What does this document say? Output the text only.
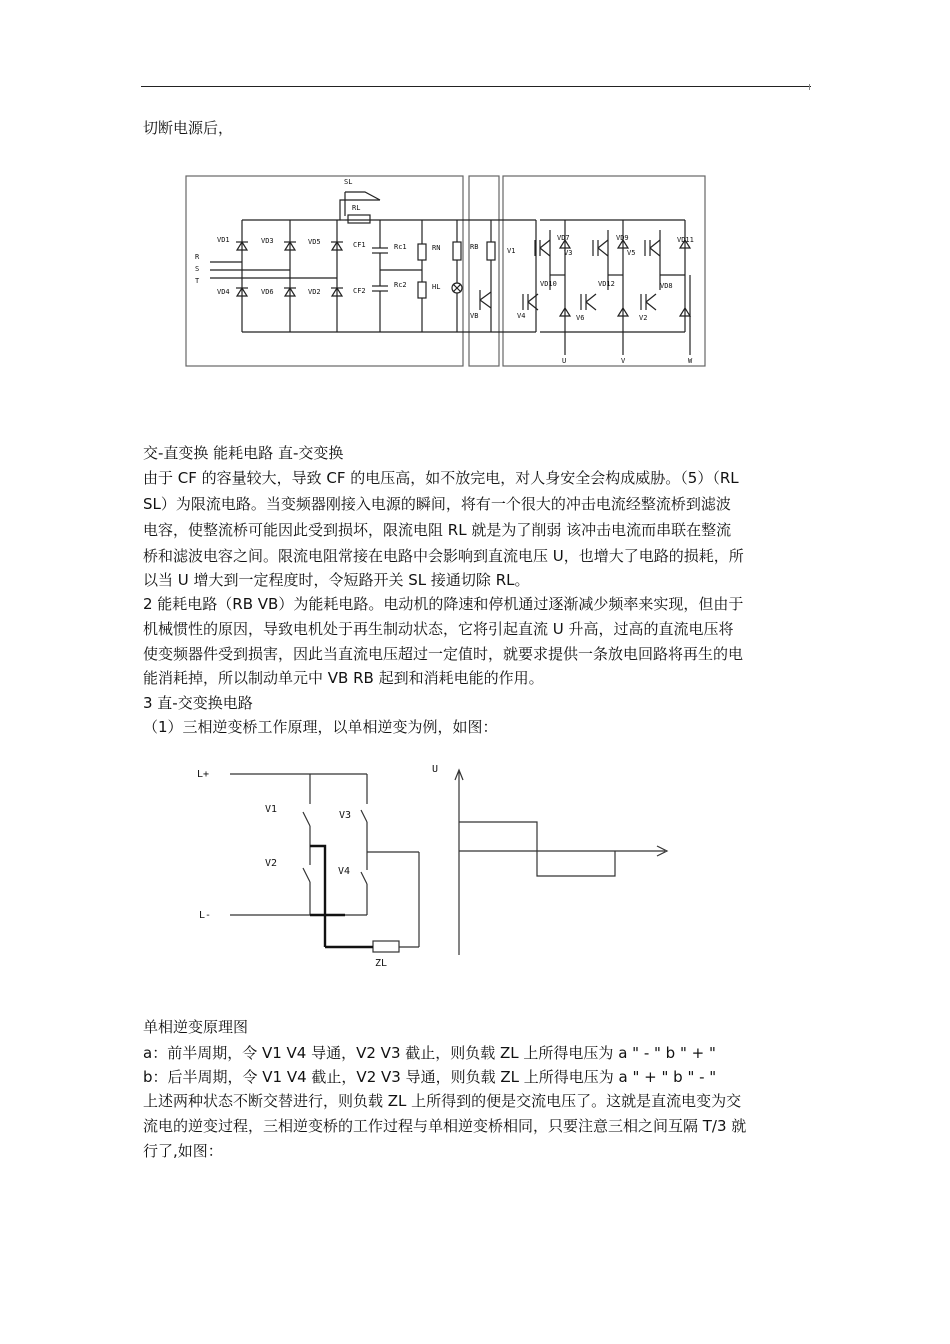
切断电源后，
SL
RL
VD1	VD3	VD5
VD4	VD6	VD2
CF1
CF2
Rc1
Rc2
RN
HL
RB
VB
R
S
T
V1	V3	V5
V4	V6	V2
VD7	VD9	VD11
VD10	VD12	VD8
U	V	W
交-直变换 能耗电路 直-交变换
由于 CF 的容量较大，导致 CF 的电压高，如不放完电，对人身安全会构成威胁。（5）（RL
SL）为限流电路。当变频器刚接入电源的瞬间，将有一个很大的冲击电流经整流桥到滤波
电容，使整流桥可能因此受到损坏，限流电阻 RL 就是为了削弱 该冲击电流而串联在整流
桥和滤波电容之间。限流电阻常接在电路中会影响到直流电压 U，也增大了电路的损耗，所
以当 U 增大到一定程度时，令短路开关 SL 接通切除 RL。
2 能耗电路（RB VB）为能耗电路。电动机的降速和停机通过逐渐减少频率来实现，但由于
机械惯性的原因，导致电机处于再生制动状态，它将引起直流 U 升高，过高的直流电压将
使变频器件受到损害，因此当直流电压超过一定值时，就要求提供一条放电回路将再生的电
能消耗掉，所以制动单元中 VB RB 起到和消耗电能的作用。
3 直-交变换电路
（1）三相逆变桥工作原理，以单相逆变为例，如图：
L+
L-
V1
V2
V3
V4
ZL
U
单相逆变原理图
a：前半周期，令 V1 V4 导通，V2 V3 截止，则负载 ZL 上所得电压为 a " - " b " + "
b：后半周期，令 V1 V4 截止，V2 V3 导通，则负载 ZL 上所得电压为 a " + " b " - "
上述两种状态不断交替进行，则负载 ZL 上所得到的便是交流电压了。这就是直流电变为交
流电的逆变过程，三相逆变桥的工作过程与单相逆变桥相同，只要注意三相之间互隔 T/3 就
行了,如图：
